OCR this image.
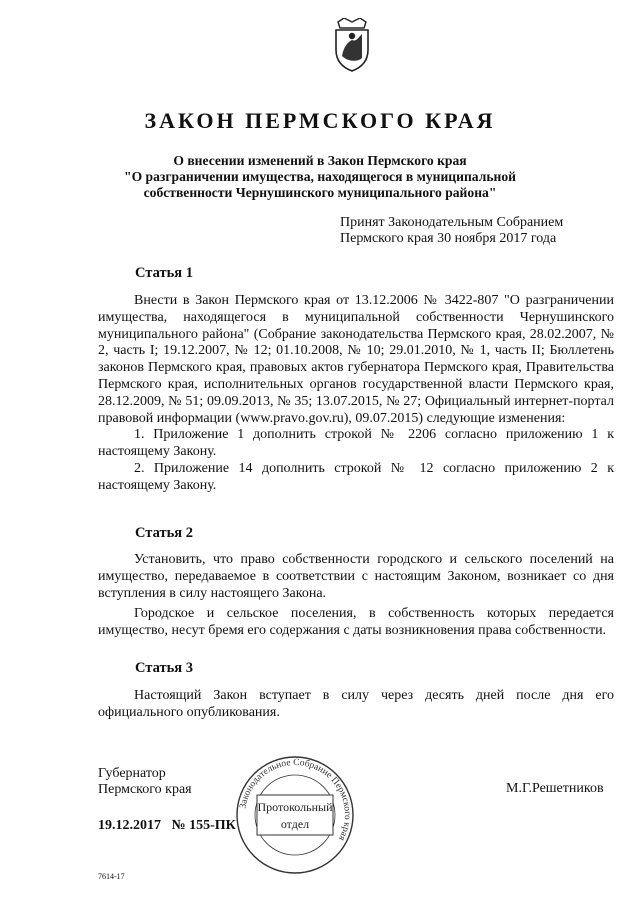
ЗАКОН ПЕРМСКОГО КРАЯ
О внесении изменений в Закон Пермского края
"О разграничении имущества, находящегося в муниципальной
собственности Чернушинского муниципального района"
Принят Законодательным Собранием
Пермского края 30 ноября 2017 года
Статья 1

Внести в Закон Пермского края от 13.12.2006 № 3422-807 "О разграничении имущества, находящегося в муниципальной собственности Чернушинского муниципального района" (Собрание законодательства Пермского края, 28.02.2007, № 2, часть I; 19.12.2007, № 12; 01.10.2008, № 10; 29.01.2010, № 1, часть II; Бюллетень законов Пермского края, правовых актов губернатора Пермского края, Правительства Пермского края, исполнительных органов государственной власти Пермского края, 28.12.2009, № 51; 09.09.2013, № 35; 13.07.2015, № 27; Официальный интернет-портал правовой информации (www.pravo.gov.ru), 09.07.2015) следующие изменения:

1. Приложение 1 дополнить строкой № 2206 согласно приложению 1 к настоящему Закону.

2. Приложение 14 дополнить строкой № 12 согласно приложению 2 к настоящему Закону.

Статья 2

Установить, что право собственности городского и сельского поселений на имущество, передаваемое в соответствии с настоящим Законом, возникает со дня вступления в силу настоящего Закона.

Городское и сельское поселения, в собственность которых передается имущество, несут бремя его содержания с даты возникновения права собственности.

Статья 3

Настоящий Закон вступает в силу через десять дней после дня его официального опубликования.

Губернатор
Пермского края	М.Г.Решетников
19.12.2017   № 155-ПК
7614-17
Законодательное Собрание Пермского края
Протокольный
отдел
